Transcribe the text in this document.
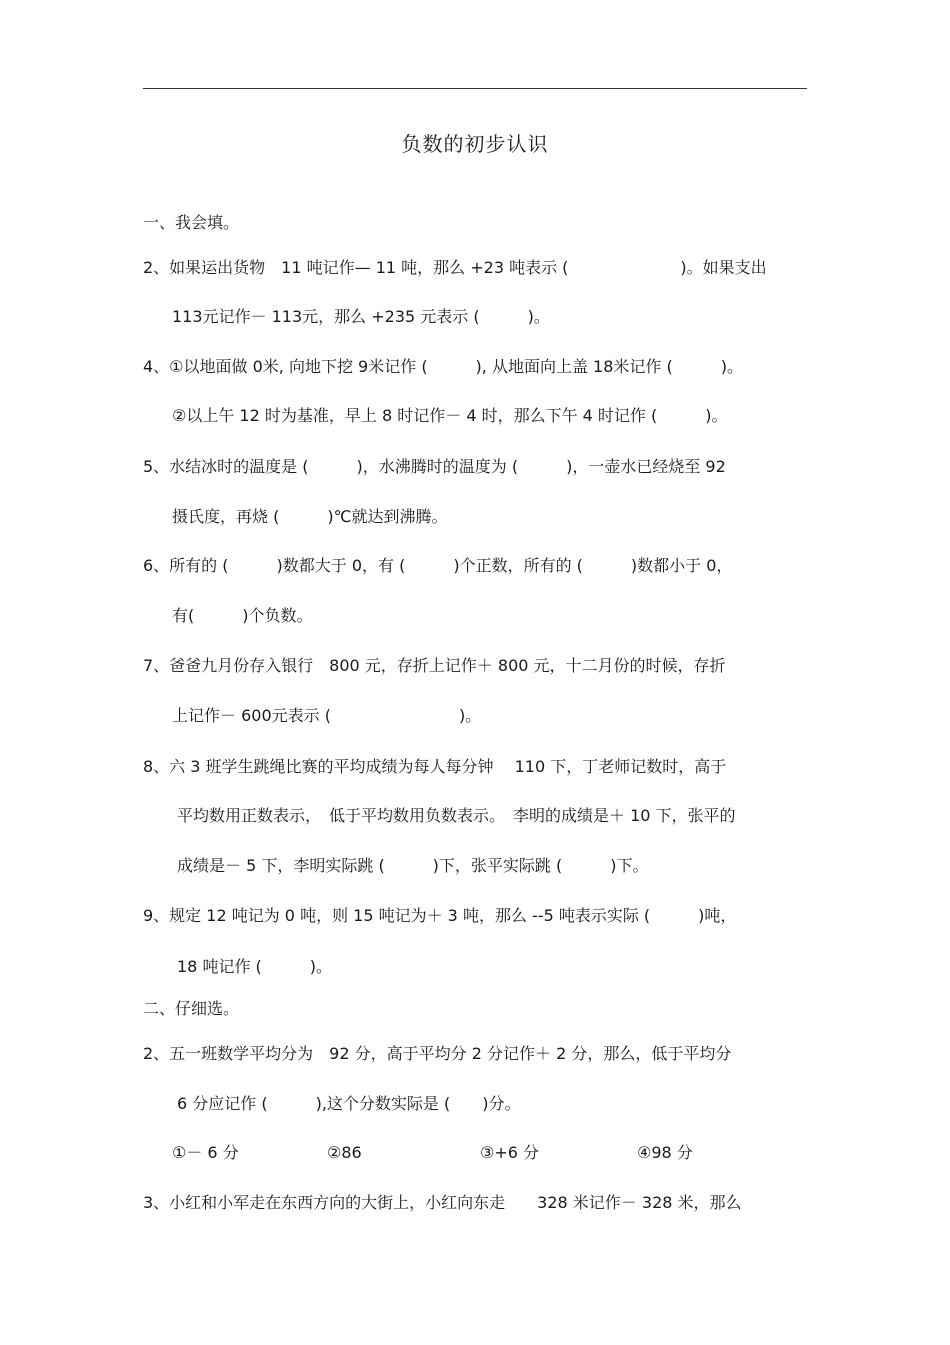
负数的初步认识
一、我会填。
2、如果运出货物　11 吨记作— 11 吨，那么 +23 吨表示 (　　　　　　　)。如果支出
113元记作－ 113元，那么 +235 元表示 (　　　)。
4、①以地面做 0米, 向地下挖 9米记作 (　　　), 从地面向上盖 18米记作 (　　　)。
②以上午 12 时为基准，早上 8 时记作－ 4 时，那么下午 4 时记作 (　　　)。
5、水结冰时的温度是 (　　　)，水沸腾时的温度为 (　　　)，一壶水已经烧至 92
摄氏度，再烧 (　　　)℃就达到沸腾。
6、所有的 (　　　)数都大于 0，有 (　　　)个正数，所有的 (　　　)数都小于 0，
有(　　　)个负数。
7、爸爸九月份存入银行　800 元，存折上记作＋ 800 元，十二月份的时候，存折
上记作－ 600元表示 (　　　　　　　　)。
8、六 3 班学生跳绳比赛的平均成绩为每人每分钟　 110 下，丁老师记数时，高于
平均数用正数表示，　低于平均数用负数表示。　李明的成绩是＋ 10 下，张平的
成绩是－ 5 下，李明实际跳 (　　　)下，张平实际跳 (　　　)下。
9、规定 12 吨记为 0 吨，则 15 吨记为＋ 3 吨，那么 --5 吨表示实际 (　　　)吨，
18 吨记作 (　　　)。
二、仔细选。
2、五一班数学平均分为　92 分，高于平均分 2 分记作＋ 2 分，那么，低于平均分
6 分应记作 (　　　),这个分数实际是 (　　)分。
①－ 6 分	②86	③+6 分	④98 分
3、小红和小军走在东西方向的大街上，小红向东走　　328 米记作－ 328 米，那么
